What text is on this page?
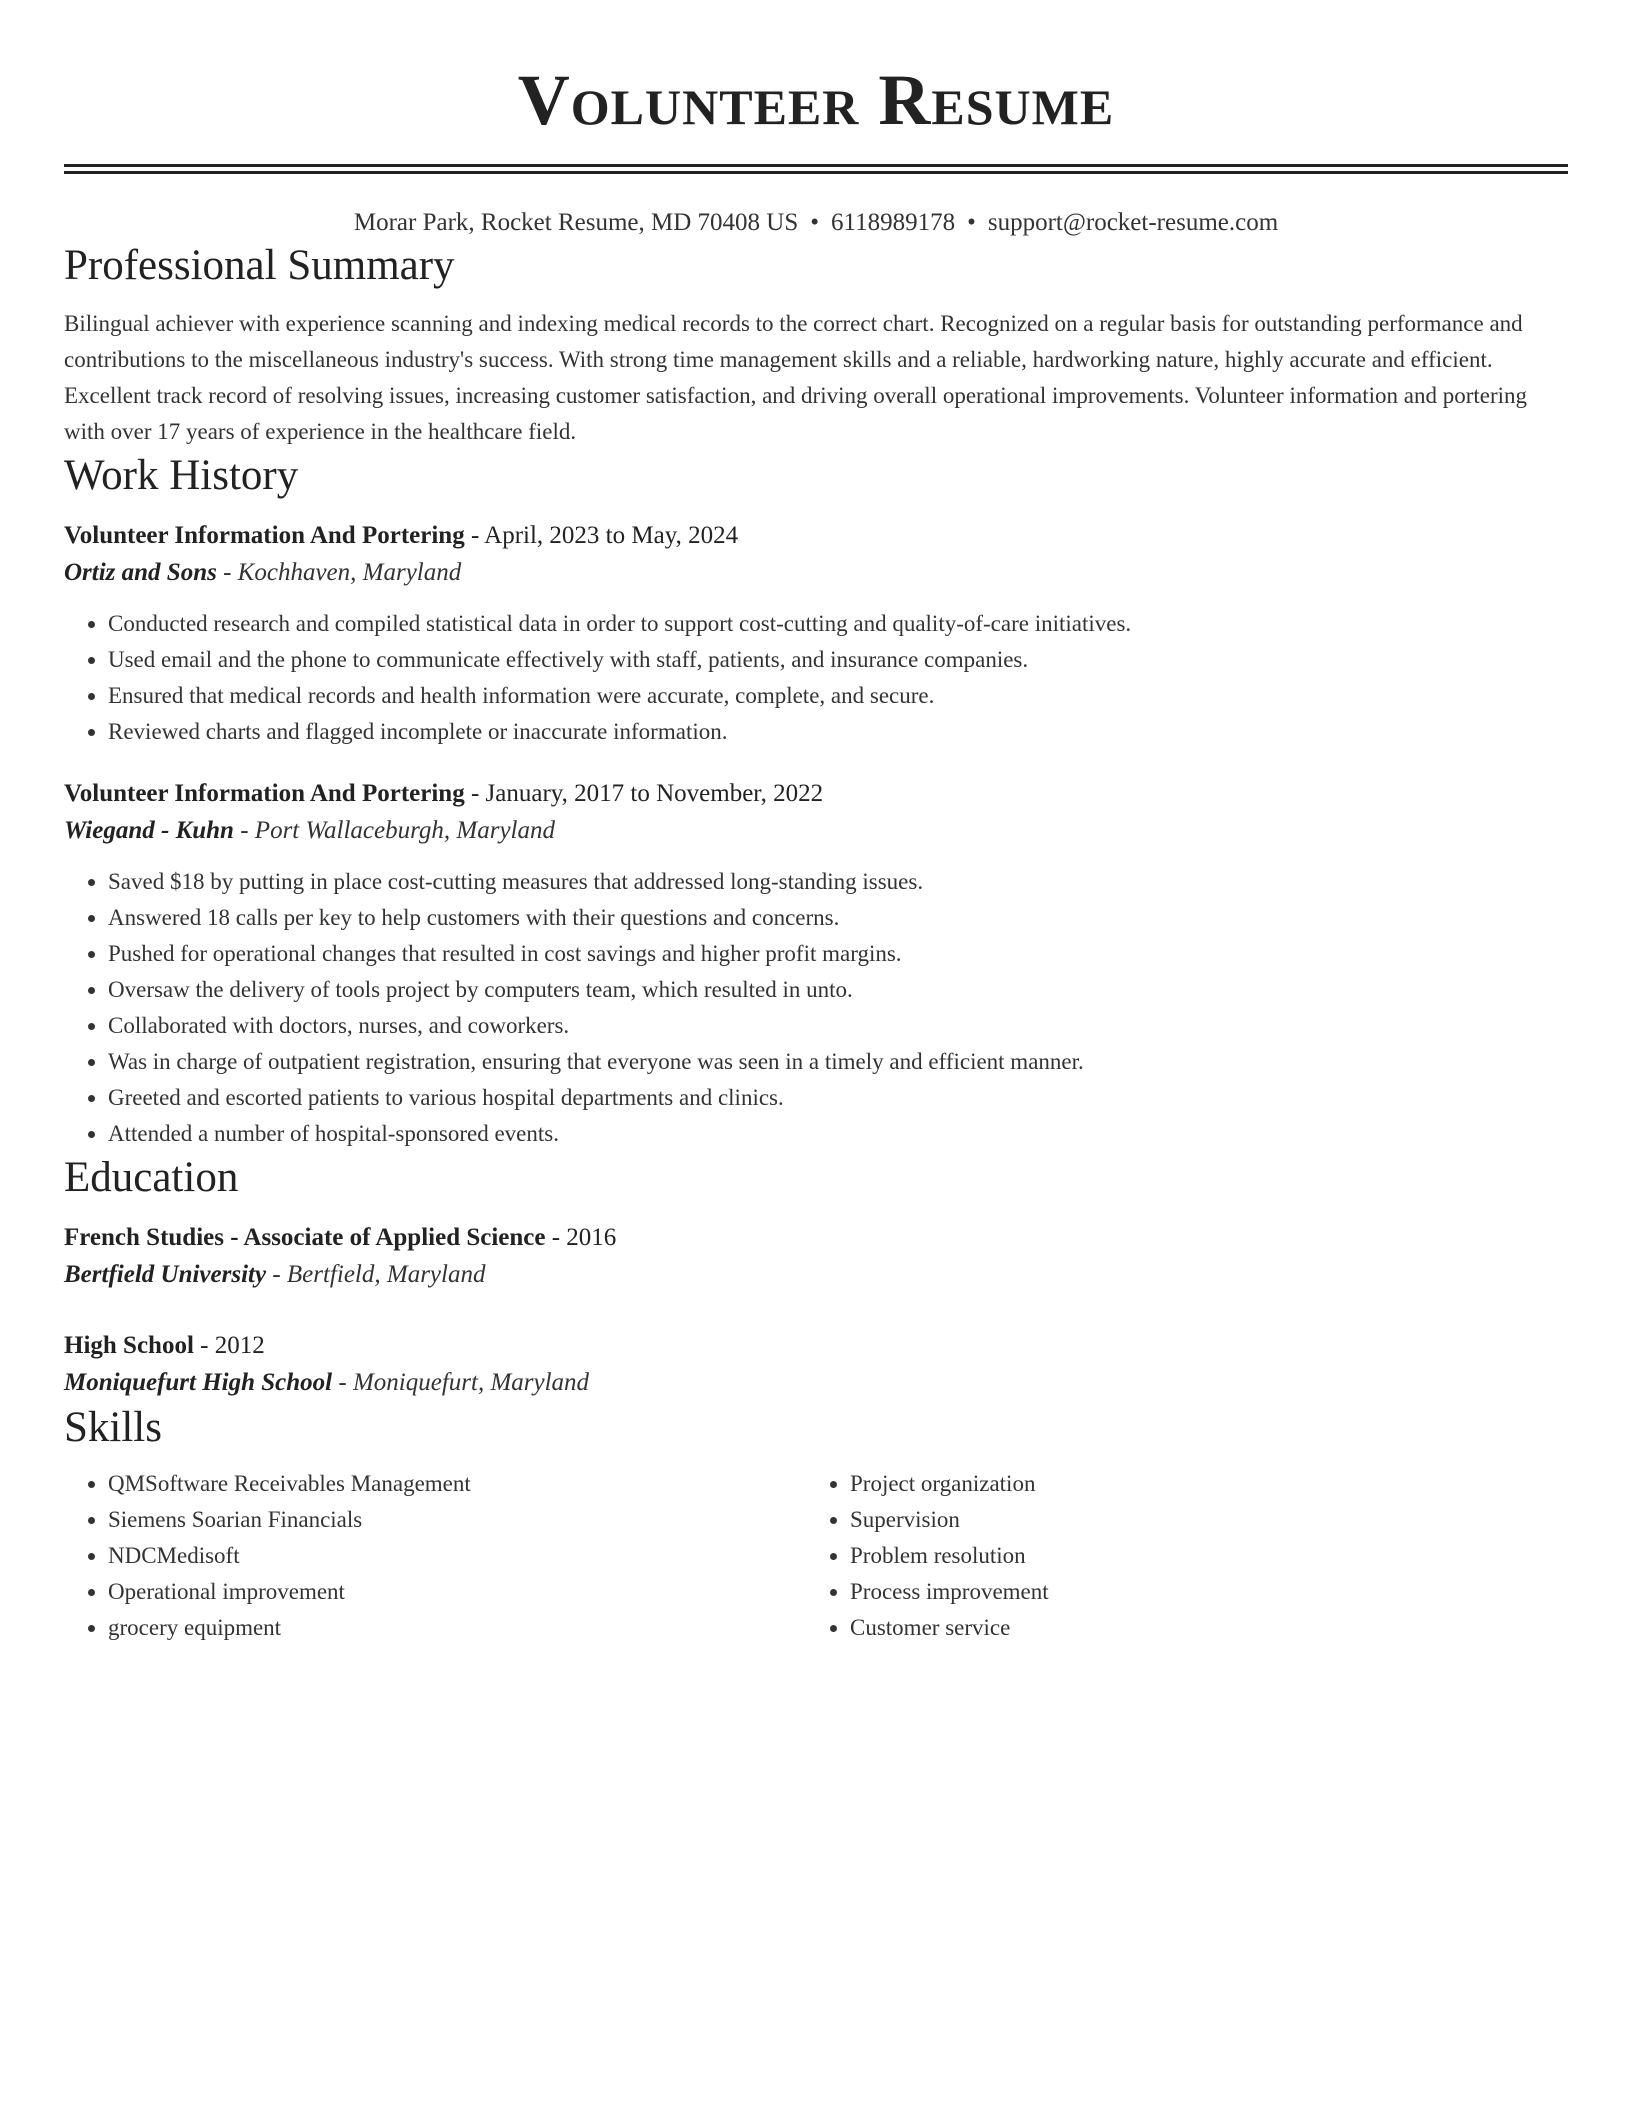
Volunteer Resume
Morar Park, Rocket Resume, MD 70408 US • 6118989178 • support@rocket-resume.com
Professional Summary
Bilingual achiever with experience scanning and indexing medical records to the correct chart. Recognized on a regular basis for outstanding performance and contributions to the miscellaneous industry's success. With strong time management skills and a reliable, hardworking nature, highly accurate and efficient. Excellent track record of resolving issues, increasing customer satisfaction, and driving overall operational improvements. Volunteer information and portering with over 17 years of experience in the healthcare field.
Work History
Volunteer Information And Portering - April, 2023 to May, 2024
Ortiz and Sons - Kochhaven, Maryland
• Conducted research and compiled statistical data in order to support cost-cutting and quality-of-care initiatives.
• Used email and the phone to communicate effectively with staff, patients, and insurance companies.
• Ensured that medical records and health information were accurate, complete, and secure.
• Reviewed charts and flagged incomplete or inaccurate information.
Volunteer Information And Portering - January, 2017 to November, 2022
Wiegand - Kuhn - Port Wallaceburgh, Maryland
• Saved $18 by putting in place cost-cutting measures that addressed long-standing issues.
• Answered 18 calls per key to help customers with their questions and concerns.
• Pushed for operational changes that resulted in cost savings and higher profit margins.
• Oversaw the delivery of tools project by computers team, which resulted in unto.
• Collaborated with doctors, nurses, and coworkers.
• Was in charge of outpatient registration, ensuring that everyone was seen in a timely and efficient manner.
• Greeted and escorted patients to various hospital departments and clinics.
• Attended a number of hospital-sponsored events.
Education
French Studies - Associate of Applied Science - 2016
Bertfield University - Bertfield, Maryland
High School - 2012
Moniquefurt High School - Moniquefurt, Maryland
Skills
• QMSoftware Receivables Management
• Siemens Soarian Financials
• NDCMedisoft
• Operational improvement
• grocery equipment
• Project organization
• Supervision
• Problem resolution
• Process improvement
• Customer service
